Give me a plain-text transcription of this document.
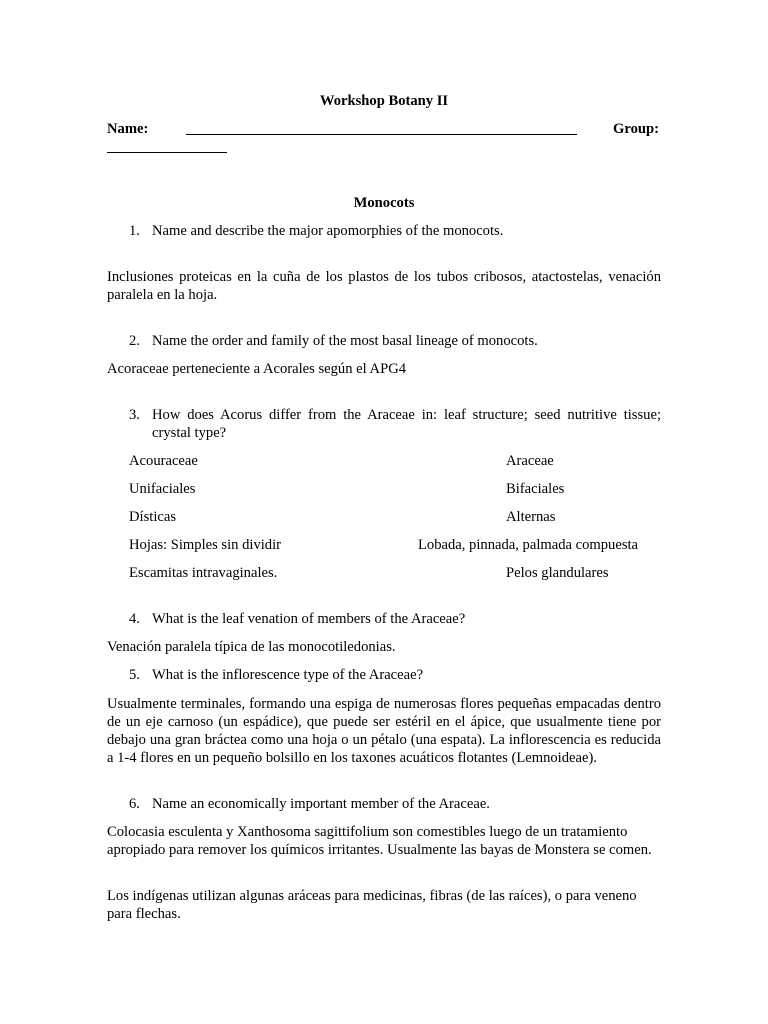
Workshop Botany II
Name:	Group:
Monocots
1. Name and describe the major apomorphies of the monocots.
Inclusiones proteicas en la cuña de los plastos de los tubos cribosos, atactostelas, venación paralela en la hoja.
2. Name the order and family of the most basal lineage of monocots.
Acoraceae perteneciente a Acorales según el APG4
3. How does Acorus differ from the Araceae in: leaf structure; seed nutritive tissue; crystal type?
Acouraceae	Araceae
Unifaciales	Bifaciales
Dísticas	Alternas
Hojas: Simples sin dividir	Lobada, pinnada, palmada compuesta
Escamitas intravaginales.	Pelos glandulares
4. What is the leaf venation of members of the Araceae?
Venación paralela típica de las monocotiledonias.
5. What is the inflorescence type of the Araceae?
Usualmente terminales, formando una espiga de numerosas flores pequeñas empacadas dentro de un eje carnoso (un espádice), que puede ser estéril en el ápice, que usualmente tiene por debajo una gran bráctea como una hoja o un pétalo (una espata). La inflorescencia es reducida a 1-4 flores en un pequeño bolsillo en los taxones acuáticos flotantes (Lemnoideae).
6. Name an economically important member of the Araceae.
Colocasia esculenta y Xanthosoma sagittifolium son comestibles luego de un tratamiento apropiado para remover los químicos irritantes. Usualmente las bayas de Monstera se comen.
Los indígenas utilizan algunas aráceas para medicinas, fibras (de las raíces), o para veneno para flechas.
